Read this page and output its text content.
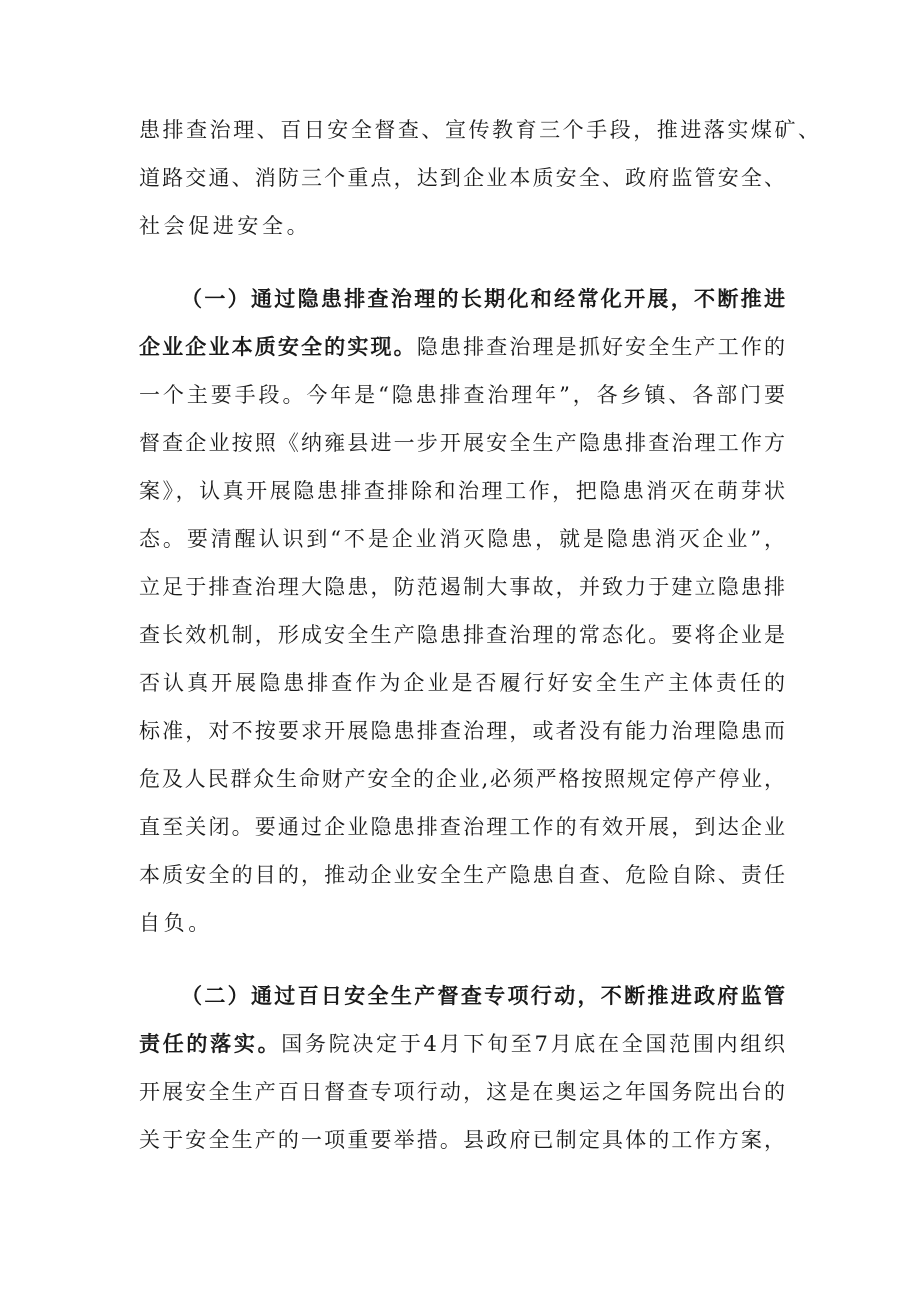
患排查治理、百日安全督查、宣传教育三个手段，推进落实煤矿、
道路交通、消防三个重点，达到企业本质安全、政府监管安全、
社会促进安全。
（一）通过隐患排查治理的长期化和经常化开展，不断推进
企业企业本质安全的实现。隐患排查治理是抓好安全生产工作的
一个主要手段。今年是“隐患排查治理年”，各乡镇、各部门要
督查企业按照《纳雍县进一步开展安全生产隐患排查治理工作方
案》，认真开展隐患排查排除和治理工作，把隐患消灭在萌芽状
态。要清醒认识到“不是企业消灭隐患，就是隐患消灭企业”，
立足于排查治理大隐患，防范遏制大事故，并致力于建立隐患排
查长效机制，形成安全生产隐患排查治理的常态化。要将企业是
否认真开展隐患排查作为企业是否履行好安全生产主体责任的
标准，对不按要求开展隐患排查治理，或者没有能力治理隐患而
危及人民群众生命财产安全的企业,必须严格按照规定停产停业，
直至关闭。要通过企业隐患排查治理工作的有效开展，到达企业
本质安全的目的，推动企业安全生产隐患自查、危险自除、责任
自负。
（二）通过百日安全生产督查专项行动，不断推进政府监管
责任的落实。国务院决定于4月下旬至7月底在全国范围内组织
开展安全生产百日督查专项行动，这是在奥运之年国务院出台的
关于安全生产的一项重要举措。县政府已制定具体的工作方案，
